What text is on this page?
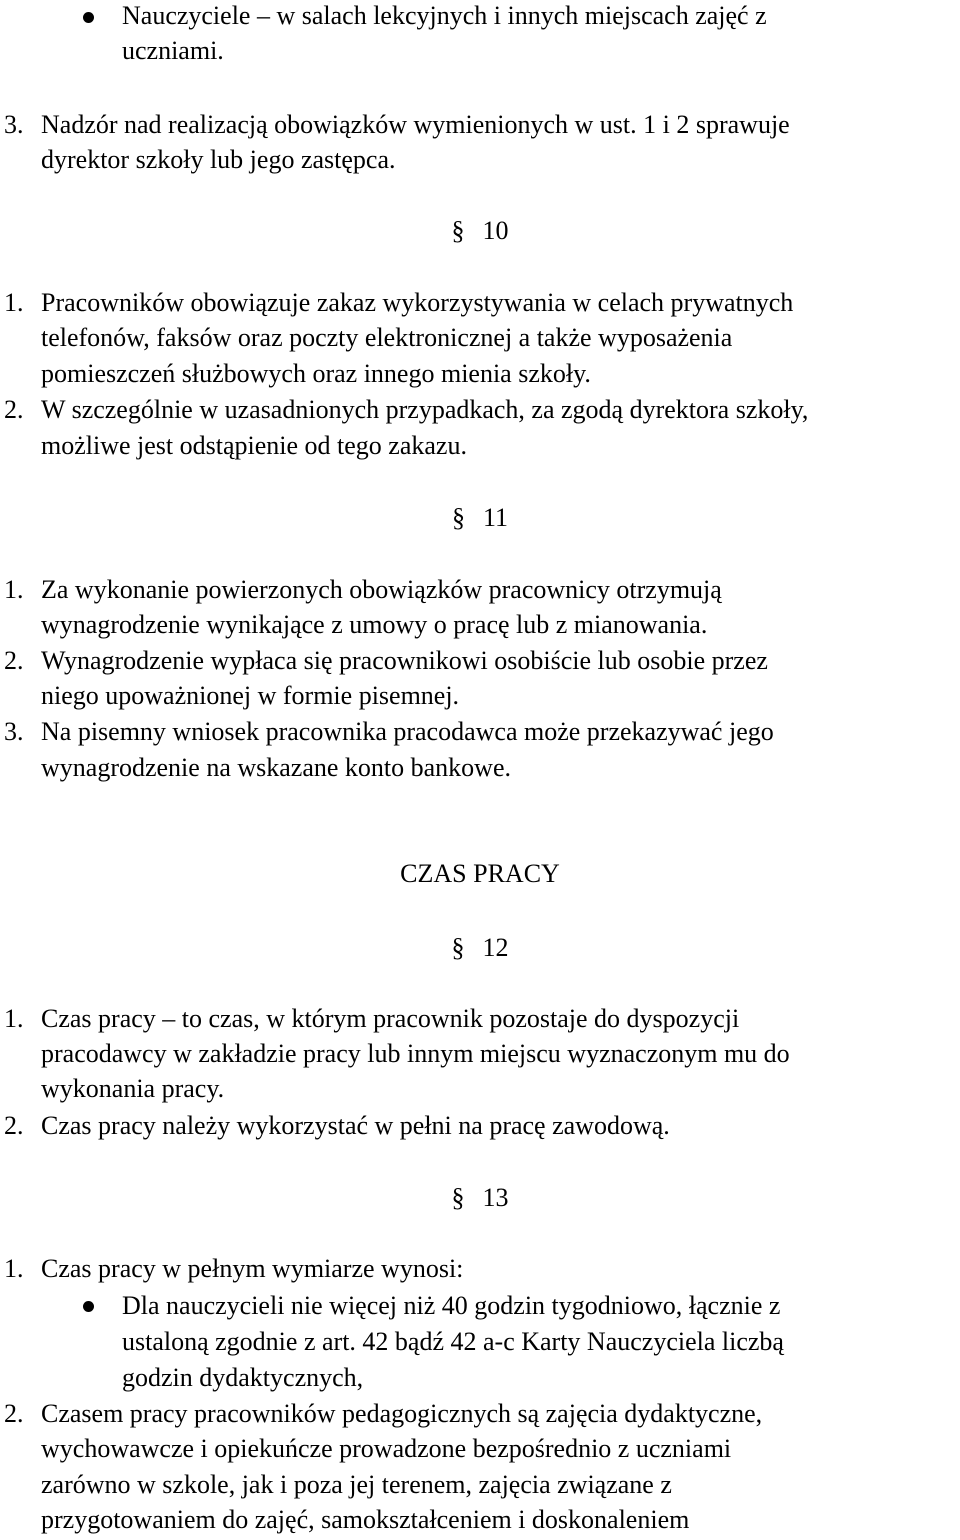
Nauczyciele – w salach lekcyjnych i innych miejscach zajęć z
uczniami.
3. Nadzór nad realizacją obowiązków wymienionych w ust. 1 i 2 sprawuje
dyrektor szkoły lub jego zastępca.
§ 10
1. Pracowników obowiązuje zakaz wykorzystywania w celach prywatnych
telefonów, faksów oraz poczty elektronicznej a także wyposażenia
pomieszczeń służbowych oraz innego mienia szkoły.
2. W szczególnie w uzasadnionych przypadkach, za zgodą dyrektora szkoły,
możliwe jest odstąpienie od tego zakazu.
§ 11
1. Za wykonanie powierzonych obowiązków pracownicy otrzymują
wynagrodzenie wynikające z umowy o pracę lub z mianowania.
2. Wynagrodzenie wypłaca się pracownikowi osobiście lub osobie przez
niego upoważnionej w formie pisemnej.
3. Na pisemny wniosek pracownika pracodawca może przekazywać jego
wynagrodzenie na wskazane konto bankowe.
CZAS PRACY
§ 12
1. Czas pracy – to czas, w którym pracownik pozostaje do dyspozycji
pracodawcy w zakładzie pracy lub innym miejscu wyznaczonym mu do
wykonania pracy.
2. Czas pracy należy wykorzystać w pełni na pracę zawodową.
§ 13
1. Czas pracy w pełnym wymiarze wynosi:
Dla nauczycieli nie więcej niż 40 godzin tygodniowo, łącznie z
ustaloną zgodnie z art. 42 bądź 42 a-c Karty Nauczyciela liczbą
godzin dydaktycznych,
2. Czasem pracy pracowników pedagogicznych są zajęcia dydaktyczne,
wychowawcze i opiekuńcze prowadzone bezpośrednio z uczniami
zarówno w szkole, jak i poza jej terenem, zajęcia związane z
przygotowaniem do zajęć, samokształceniem i doskonaleniem
